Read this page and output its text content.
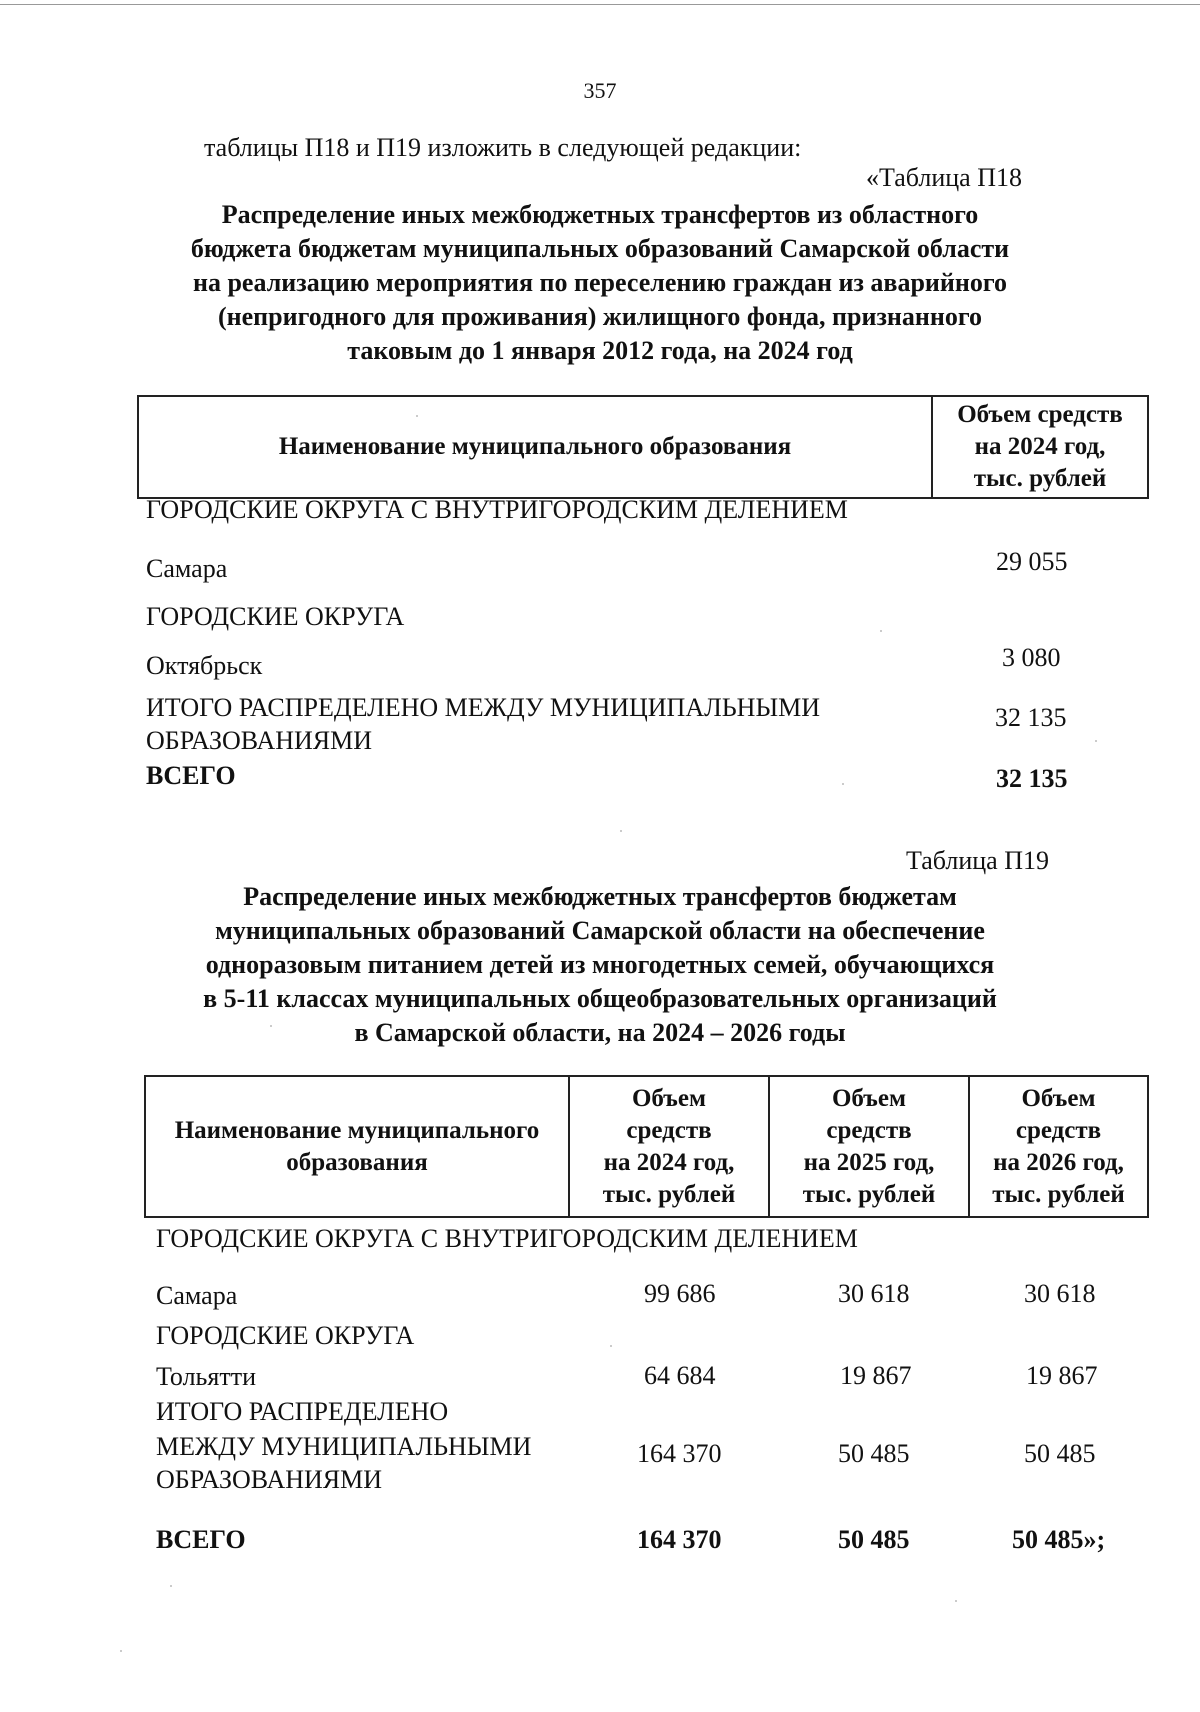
357
таблицы П18 и П19 изложить в следующей редакции:
«Таблица П18
Распределение иных межбюджетных трансфертов из областного
бюджета бюджетам муниципальных образований Самарской области
на реализацию мероприятия по переселению граждан из аварийного
(непригодного для проживания) жилищного фонда, признанного
таковым до 1 января 2012 года, на 2024 год
Наименование муниципального образования	
Объем средств
на 2024 год,
тыс. рублей
ГОРОДСКИЕ ОКРУГА С ВНУТРИГОРОДСКИМ ДЕЛЕНИЕМ
Самара	29 055
ГОРОДСКИЕ ОКРУГА
Октябрьск	3 080
ИТОГО РАСПРЕДЕЛЕНО МЕЖДУ МУНИЦИПАЛЬНЫМИ
ОБРАЗОВАНИЯМИ
32 135
ВСЕГО	32 135
Таблица П19
Распределение иных межбюджетных трансфертов бюджетам
муниципальных образований Самарской области на обеспечение
одноразовым питанием детей из многодетных семей, обучающихся
в 5-11 классах муниципальных общеобразовательных организаций
в Самарской области, на 2024 – 2026 годы
Наименование муниципального
образования

Объем
средств
на 2024 год,
тыс. рублей

Объем
средств
на 2025 год,
тыс. рублей

Объем
средств
на 2026 год,
тыс. рублей
ГОРОДСКИЕ ОКРУГА С ВНУТРИГОРОДСКИМ ДЕЛЕНИЕМ
Самара	99 686	30 618	30 618
ГОРОДСКИЕ ОКРУГА
Тольятти	64 684	19 867	19 867
ИТОГО РАСПРЕДЕЛЕНО
МЕЖДУ МУНИЦИПАЛЬНЫМИ
ОБРАЗОВАНИЯМИ
164 370	50 485	50 485
ВСЕГО	164 370	50 485	50 485»;
